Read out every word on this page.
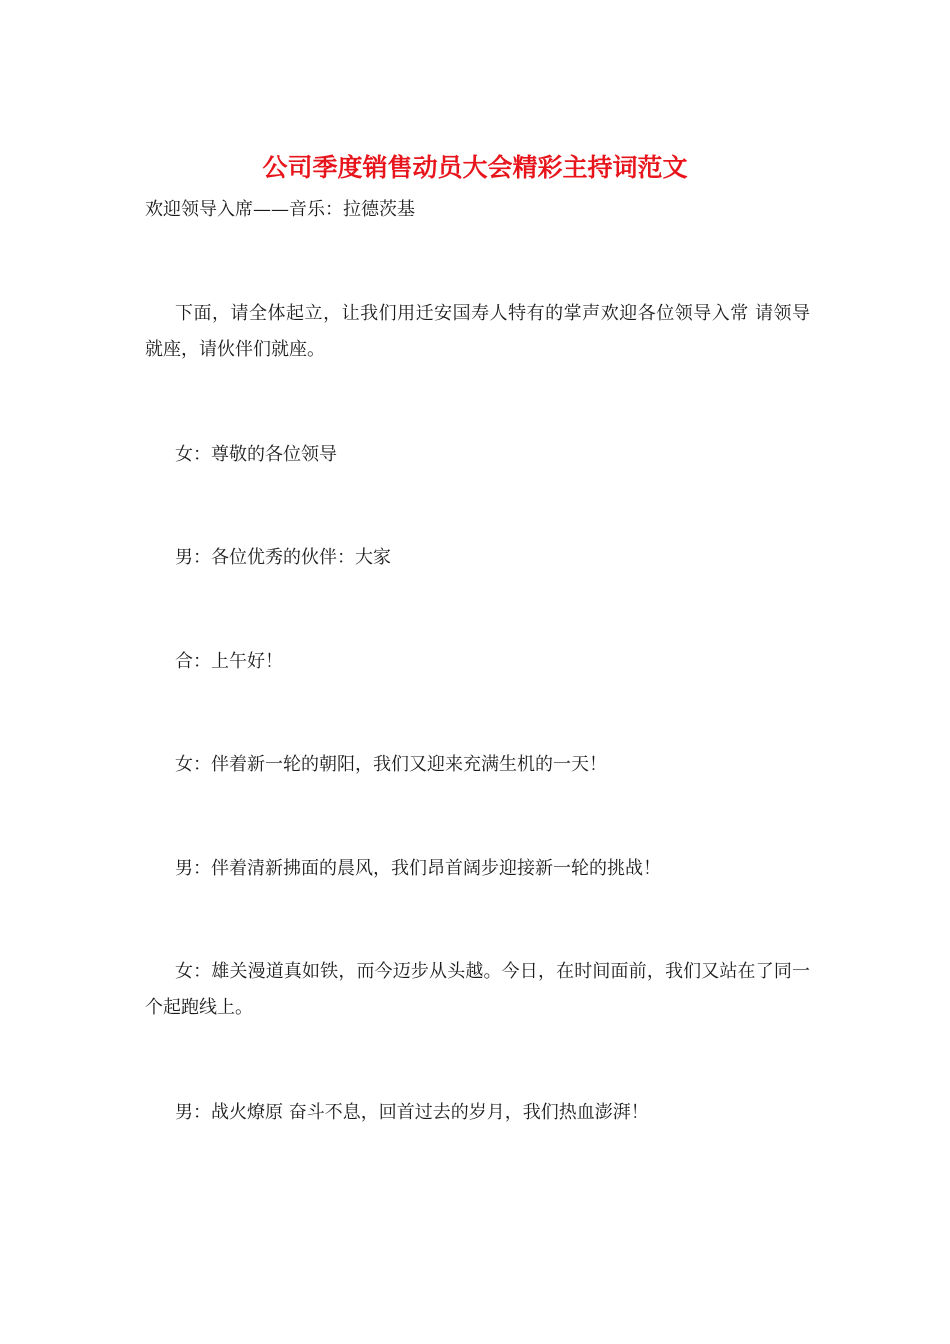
公司季度销售动员大会精彩主持词范文

欢迎领导入席——音乐：拉德茨基

下面，请全体起立，让我们用迁安国寿人特有的掌声欢迎各位领导入常 请领导就座，请伙伴们就座。

女：尊敬的各位领导

男：各位优秀的伙伴：大家

合：上午好！

女：伴着新一轮的朝阳，我们又迎来充满生机的一天！

男：伴着清新拂面的晨风，我们昂首阔步迎接新一轮的挑战！

女：雄关漫道真如铁，而今迈步从头越。今日，在时间面前，我们又站在了同一个起跑线上。

男：战火燎原 奋斗不息，回首过去的岁月，我们热血澎湃！
